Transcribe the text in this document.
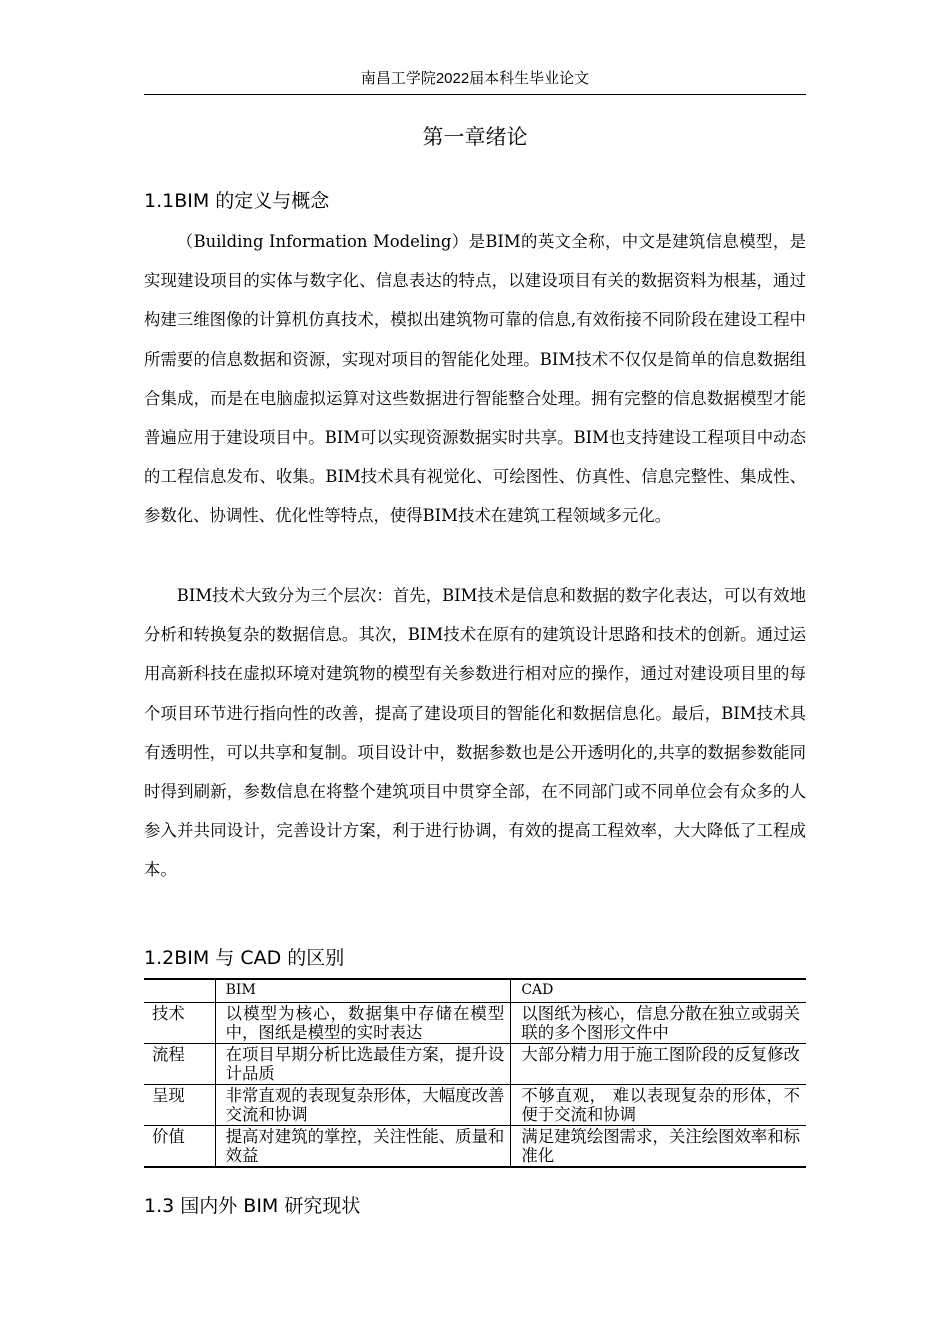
南昌工学院2022届本科生毕业论文
第一章绪论
1.1BIM 的定义与概念

（Building Information Modeling）是BIM的英文全称，中文是建筑信息模型，是实现建设项目的实体与数字化、信息表达的特点，以建设项目有关的数据资料为根基，通过构建三维图像的计算机仿真技术，模拟出建筑物可靠的信息,有效衔接不同阶段在建设工程中所需要的信息数据和资源，实现对项目的智能化处理。BIM技术不仅仅是简单的信息数据组合集成，而是在电脑虚拟运算对这些数据进行智能整合处理。拥有完整的信息数据模型才能普遍应用于建设项目中。BIM可以实现资源数据实时共享。BIM也支持建设工程项目中动态的工程信息发布、收集。BIM技术具有视觉化、可绘图性、仿真性、信息完整性、集成性、参数化、协调性、优化性等特点，使得BIM技术在建筑工程领域多元化。

BIM技术大致分为三个层次：首先，BIM技术是信息和数据的数字化表达，可以有效地分析和转换复杂的数据信息。其次，BIM技术在原有的建筑设计思路和技术的创新。通过运用高新科技在虚拟环境对建筑物的模型有关参数进行相对应的操作，通过对建设项目里的每个项目环节进行指向性的改善，提高了建设项目的智能化和数据信息化。最后，BIM技术具有透明性，可以共享和复制。项目设计中，数据参数也是公开透明化的,共享的数据参数能同时得到刷新，参数信息在将整个建筑项目中贯穿全部，在不同部门或不同单位会有众多的人参入并共同设计，完善设计方案，利于进行协调，有效的提高工程效率，大大降低了工程成本。

1.2BIM 与 CAD 的区别
	BIM	CAD
技术	以模型为核心，数据集中存储在模型中，图纸是模型的实时表达	以图纸为核心，信息分散在独立或弱关联的多个图形文件中
流程	在项目早期分析比选最佳方案，提升设计品质	大部分精力用于施工图阶段的反复修改
呈现	非常直观的表现复杂形体，大幅度改善交流和协调	不够直观， 难以表现复杂的形体，不便于交流和协调
价值	提高对建筑的掌控，关注性能、质量和效益	满足建筑绘图需求，关注绘图效率和标准化
1.3 国内外 BIM 研究现状
